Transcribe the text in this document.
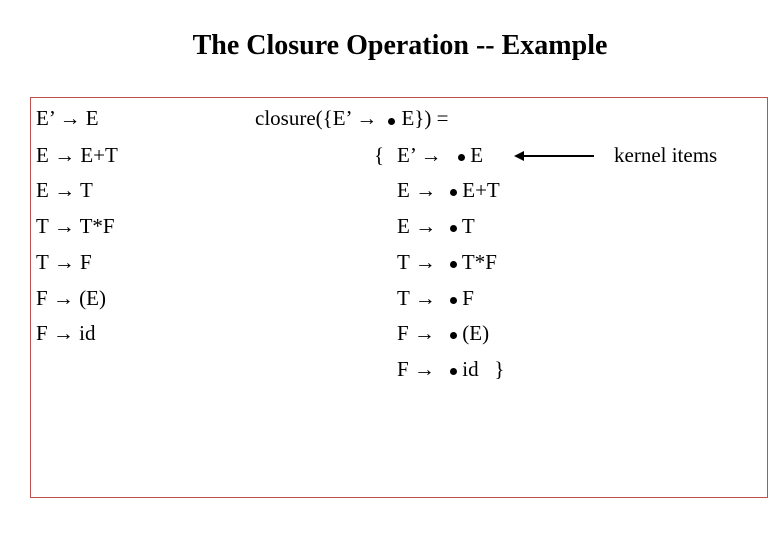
The Closure Operation -- Example
E’ → E
E → E+T
E → T
T → T*F
T → F
F → (E)
F → id
closure({E’ → E}) =
{ E’ →	E
E →	E+T
E →	T
T →	T*F
T →	F
F →	(E)
F →	id }
kernel items
